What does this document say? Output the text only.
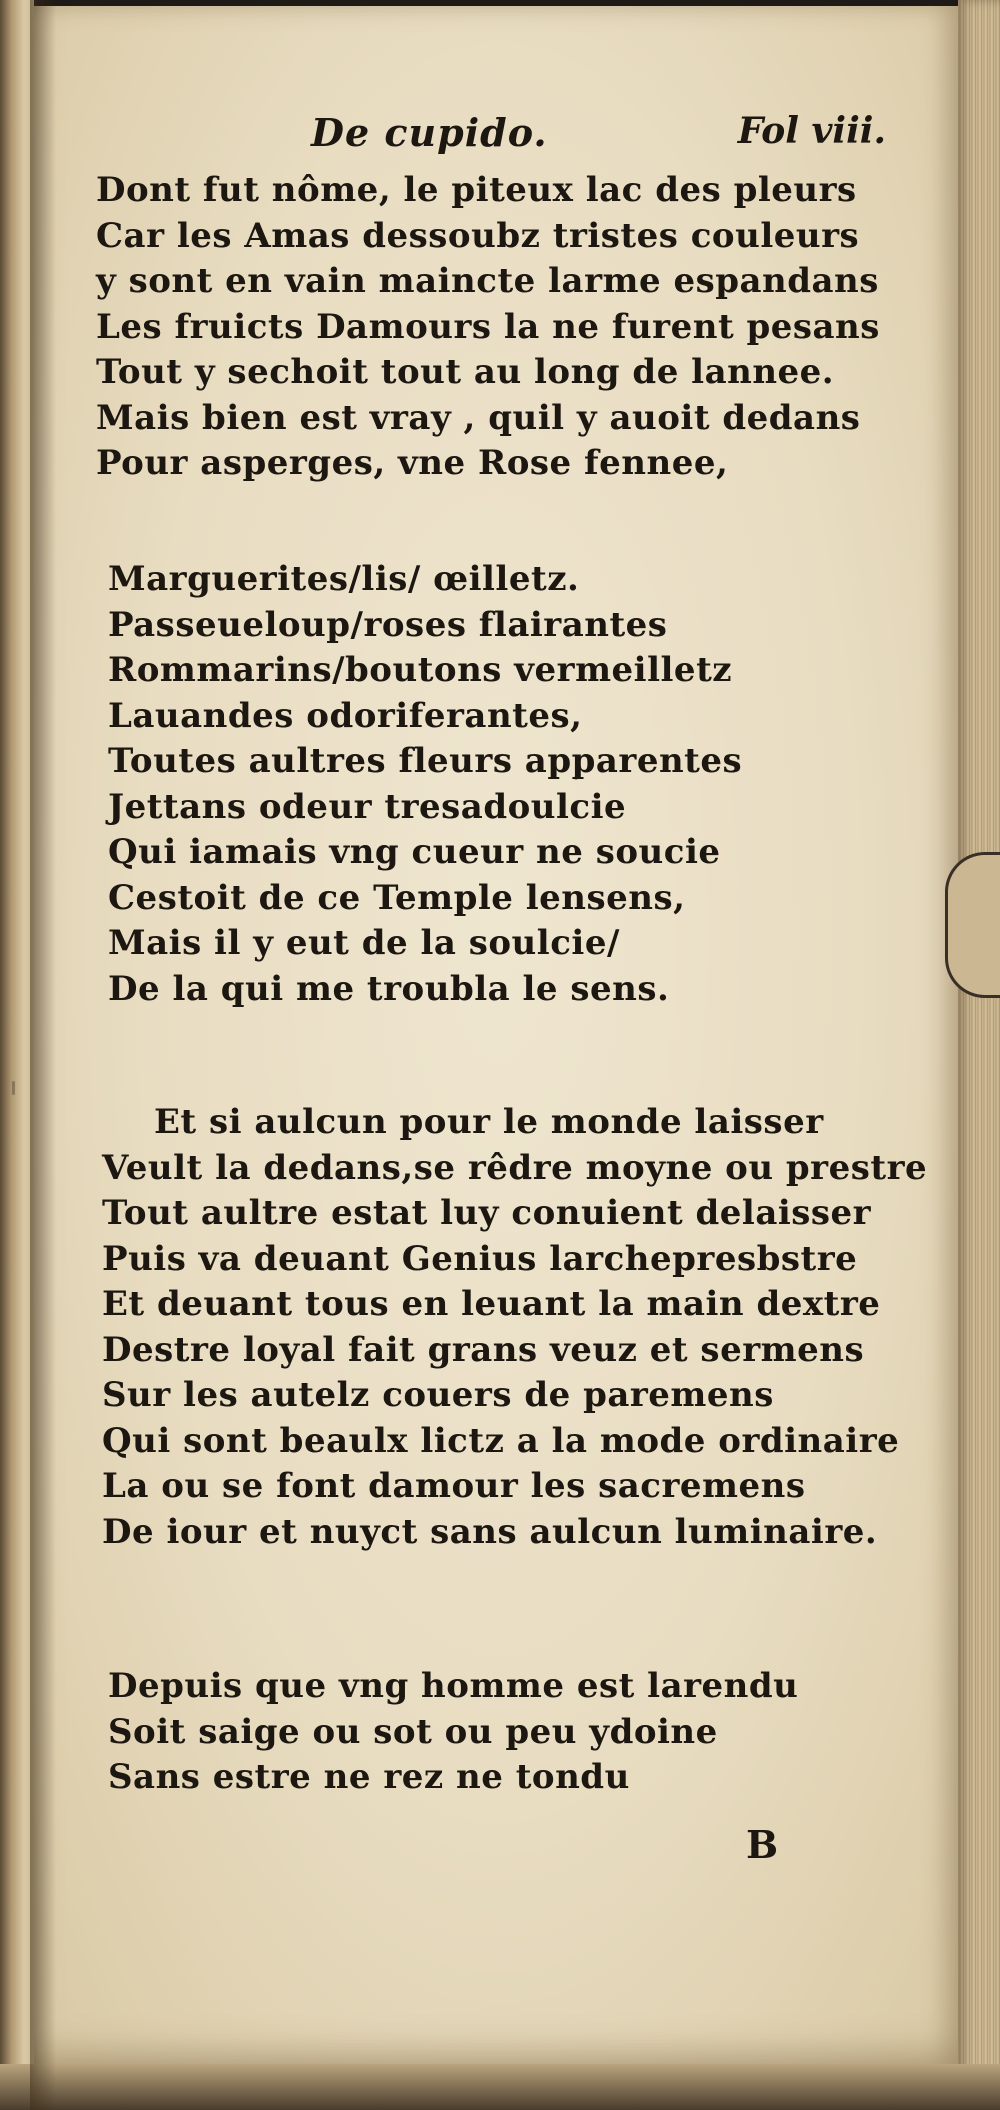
De cupido.	Fol viii.
Dont fut nôme, le piteux lac des pleurs
Car les Amas dessoubz tristes couleurs
y sont en vain maincte larme espandans
Les fruicts Damours la ne furent pesans
Tout y sechoit tout au long de lannee.
Mais bien est vray , quil y auoit dedans
Pour asperges, vne Rose fennee,
Marguerites/lis/ œilletz.
Passeueloup/roses flairantes
Rommarins/boutons vermeilletz
Lauandes odoriferantes,
Toutes aultres fleurs apparentes
Jettans odeur tresadoulcie
Qui iamais vng cueur ne soucie
Cestoit de ce Temple lensens,
Mais il y eut de la soulcie/
De la qui me troubla le sens.
Et si aulcun pour le monde laisser
Veult la dedans,se rêdre moyne ou prestre
Tout aultre estat luy conuient delaisser
Puis va deuant Genius larchepresbstre
Et deuant tous en leuant la main dextre
Destre loyal fait grans veuz et sermens
Sur les autelz couers de paremens
Qui sont beaulx lictz a la mode ordinaire
La ou se font damour les sacremens
De iour et nuyct sans aulcun luminaire.
Depuis que vng homme est larendu
Soit saige ou sot ou peu ydoine
Sans estre ne rez ne tondu
B
